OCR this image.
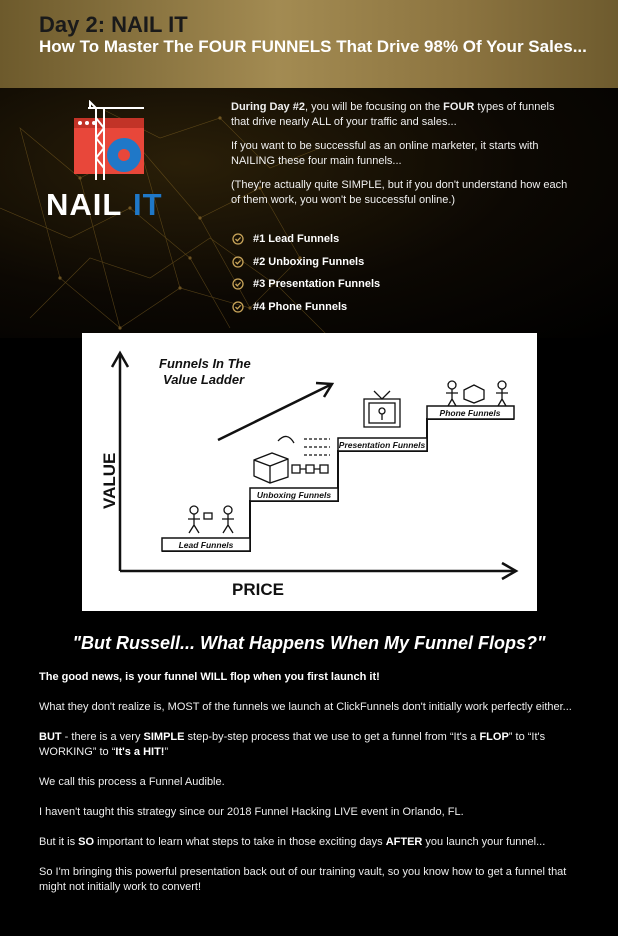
Day 2: NAIL IT
How To Master The FOUR FUNNELS That Drive 98% Of Your Sales...
NAIL IT

During Day #2, you will be focusing on the FOUR types of funnels that drive nearly ALL of your traffic and sales...

If you want to be successful as an online marketer, it starts with NAILING these four main funnels...

(They're actually quite SIMPLE, but if you don't understand how each of them work, you won't be successful online.)

#1 Lead Funnels
#2 Unboxing Funnels
#3 Presentation Funnels
#4 Phone Funnels
Lead Funnels
Unboxing Funnels
Presentation Funnels
Phone Funnels
Funnels In The
Value Ladder
VALUE
PRICE
"But Russell... What Happens When My Funnel Flops?"

The good news, is your funnel WILL flop when you first launch it!

What they don't realize is, MOST of the funnels we launch at ClickFunnels don't initially work perfectly either...

BUT - there is a very SIMPLE step-by-step process that we use to get a funnel from “It's a FLOP” to “It's WORKING” to “It's a HIT!”

We call this process a Funnel Audible.

I haven't taught this strategy since our 2018 Funnel Hacking LIVE event in Orlando, FL.

But it is SO important to learn what steps to take in those exciting days AFTER you launch your funnel...

So I'm bringing this powerful presentation back out of our training vault, so you know how to get a funnel that might not initially work to convert!
